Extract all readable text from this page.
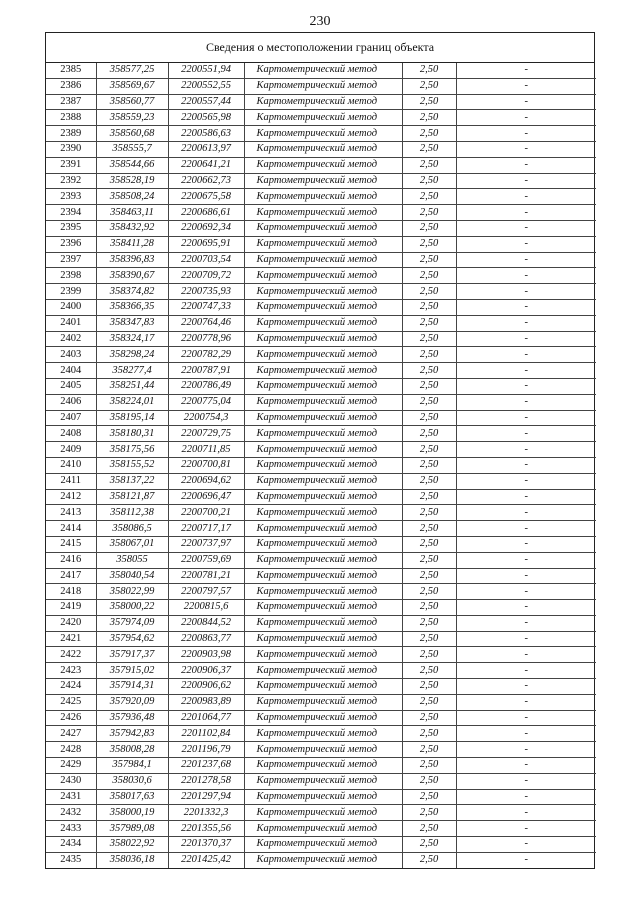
230
Сведения о местоположении границ объекта
2385	358577,25	2200551,94	Картометрический метод	2,50	-
2386	358569,67	2200552,55	Картометрический метод	2,50	-
2387	358560,77	2200557,44	Картометрический метод	2,50	-
2388	358559,23	2200565,98	Картометрический метод	2,50	-
2389	358560,68	2200586,63	Картометрический метод	2,50	-
2390	358555,7	2200613,97	Картометрический метод	2,50	-
2391	358544,66	2200641,21	Картометрический метод	2,50	-
2392	358528,19	2200662,73	Картометрический метод	2,50	-
2393	358508,24	2200675,58	Картометрический метод	2,50	-
2394	358463,11	2200686,61	Картометрический метод	2,50	-
2395	358432,92	2200692,34	Картометрический метод	2,50	-
2396	358411,28	2200695,91	Картометрический метод	2,50	-
2397	358396,83	2200703,54	Картометрический метод	2,50	-
2398	358390,67	2200709,72	Картометрический метод	2,50	-
2399	358374,82	2200735,93	Картометрический метод	2,50	-
2400	358366,35	2200747,33	Картометрический метод	2,50	-
2401	358347,83	2200764,46	Картометрический метод	2,50	-
2402	358324,17	2200778,96	Картометрический метод	2,50	-
2403	358298,24	2200782,29	Картометрический метод	2,50	-
2404	358277,4	2200787,91	Картометрический метод	2,50	-
2405	358251,44	2200786,49	Картометрический метод	2,50	-
2406	358224,01	2200775,04	Картометрический метод	2,50	-
2407	358195,14	2200754,3	Картометрический метод	2,50	-
2408	358180,31	2200729,75	Картометрический метод	2,50	-
2409	358175,56	2200711,85	Картометрический метод	2,50	-
2410	358155,52	2200700,81	Картометрический метод	2,50	-
2411	358137,22	2200694,62	Картометрический метод	2,50	-
2412	358121,87	2200696,47	Картометрический метод	2,50	-
2413	358112,38	2200700,21	Картометрический метод	2,50	-
2414	358086,5	2200717,17	Картометрический метод	2,50	-
2415	358067,01	2200737,97	Картометрический метод	2,50	-
2416	358055	2200759,69	Картометрический метод	2,50	-
2417	358040,54	2200781,21	Картометрический метод	2,50	-
2418	358022,99	2200797,57	Картометрический метод	2,50	-
2419	358000,22	2200815,6	Картометрический метод	2,50	-
2420	357974,09	2200844,52	Картометрический метод	2,50	-
2421	357954,62	2200863,77	Картометрический метод	2,50	-
2422	357917,37	2200903,98	Картометрический метод	2,50	-
2423	357915,02	2200906,37	Картометрический метод	2,50	-
2424	357914,31	2200906,62	Картометрический метод	2,50	-
2425	357920,09	2200983,89	Картометрический метод	2,50	-
2426	357936,48	2201064,77	Картометрический метод	2,50	-
2427	357942,83	2201102,84	Картометрический метод	2,50	-
2428	358008,28	2201196,79	Картометрический метод	2,50	-
2429	357984,1	2201237,68	Картометрический метод	2,50	-
2430	358030,6	2201278,58	Картометрический метод	2,50	-
2431	358017,63	2201297,94	Картометрический метод	2,50	-
2432	358000,19	2201332,3	Картометрический метод	2,50	-
2433	357989,08	2201355,56	Картометрический метод	2,50	-
2434	358022,92	2201370,37	Картометрический метод	2,50	-
2435	358036,18	2201425,42	Картометрический метод	2,50	-
